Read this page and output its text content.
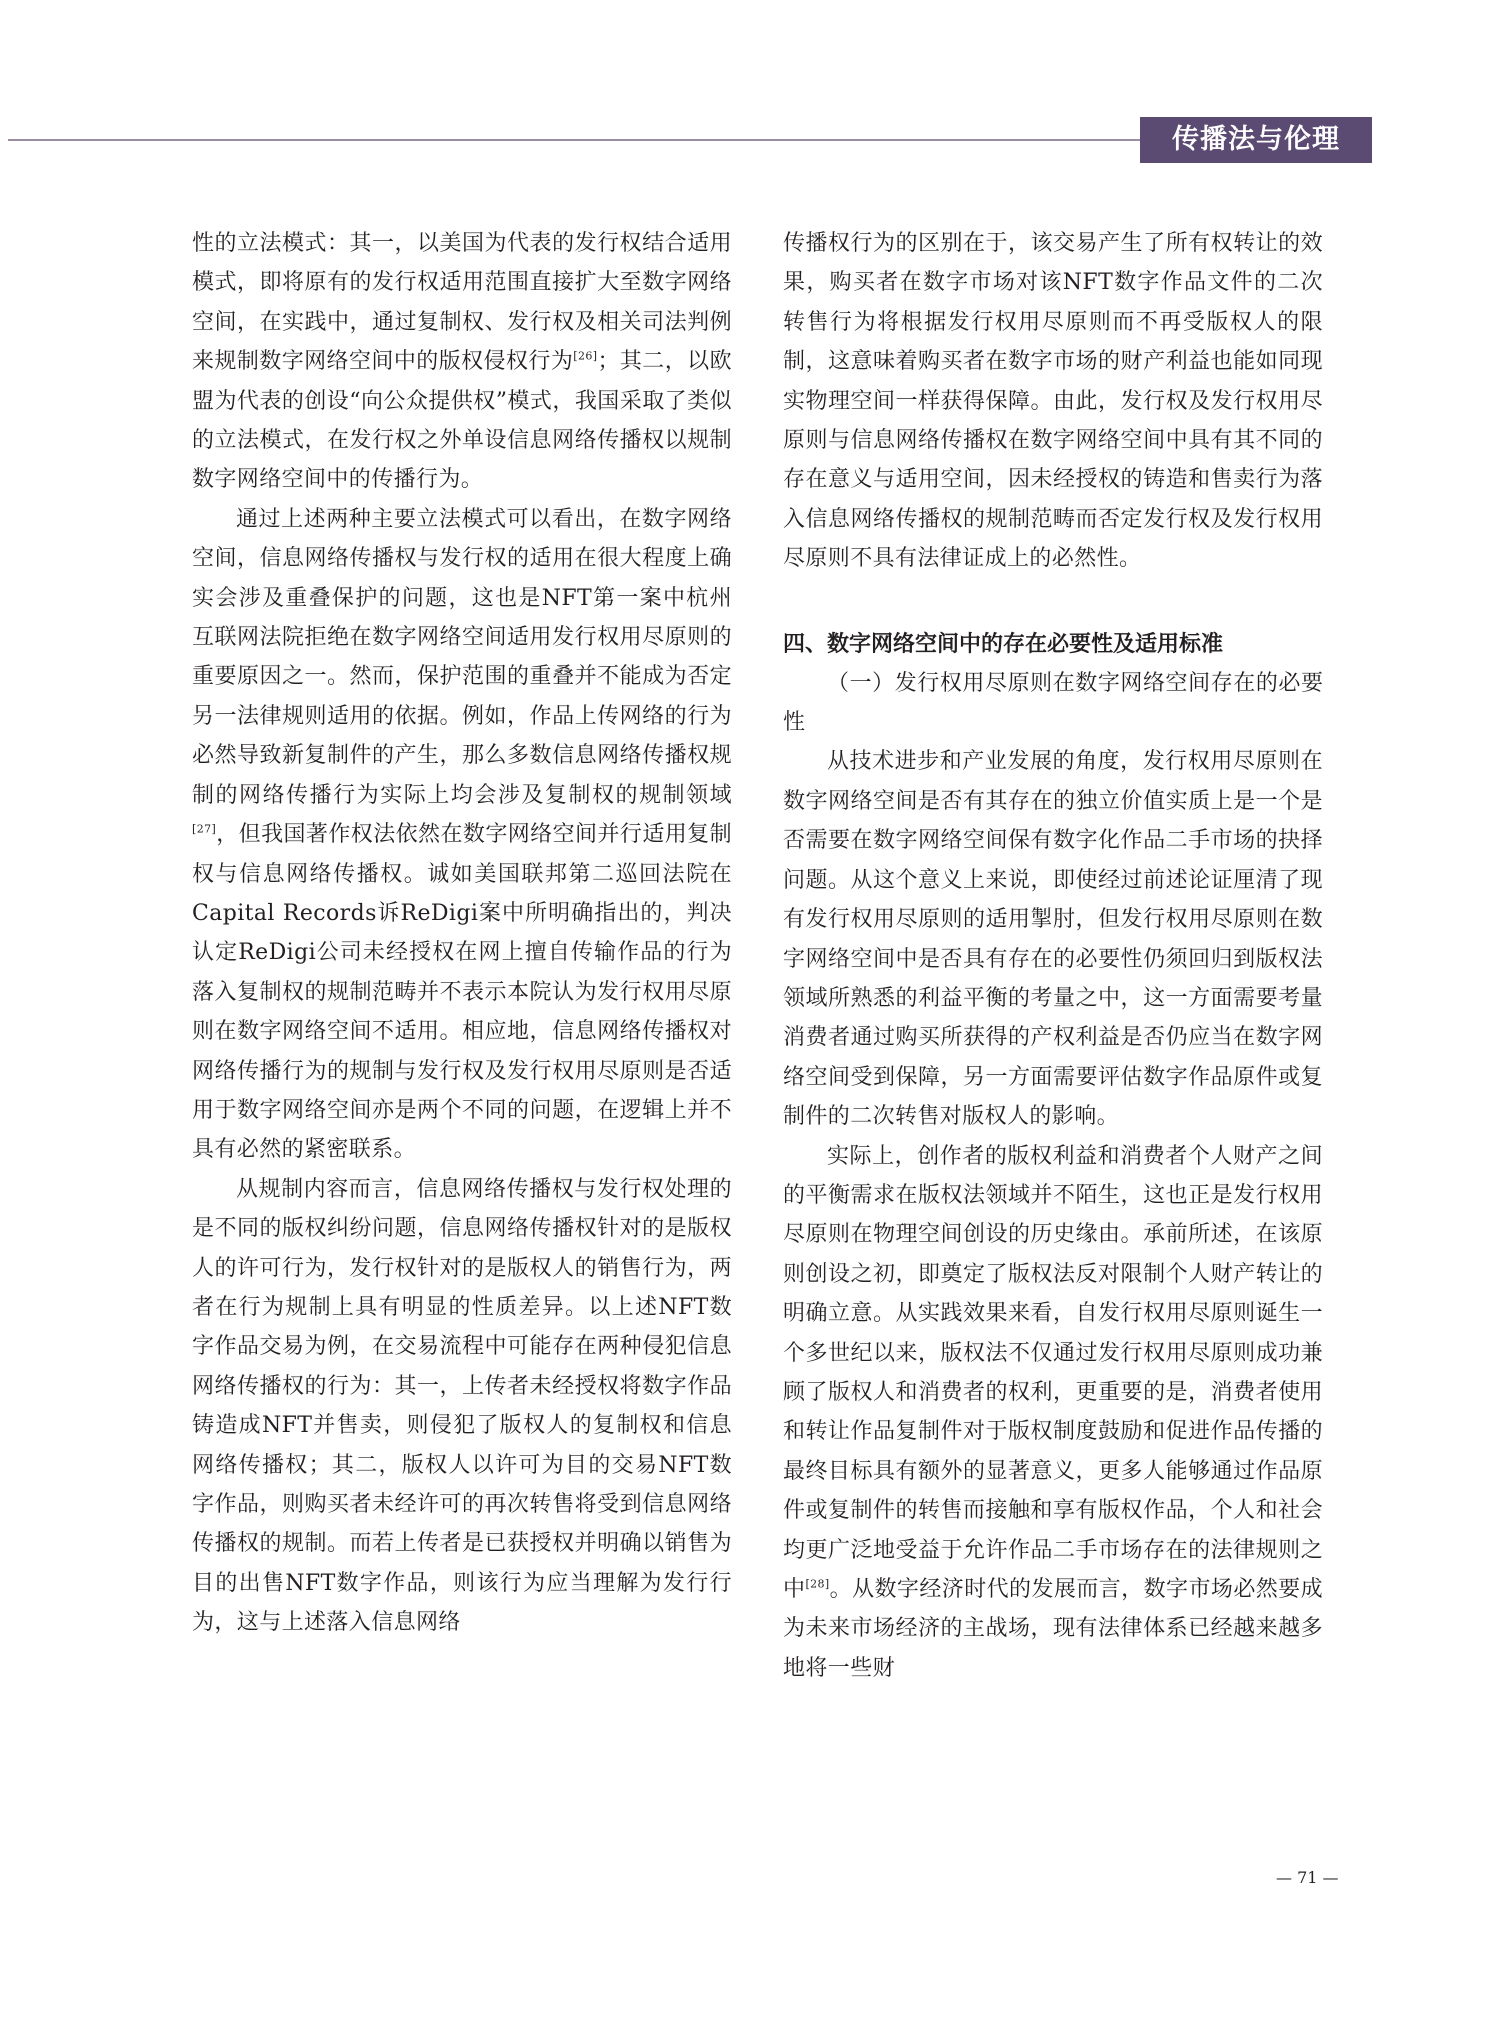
传播法与伦理

性的立法模式：其一，以美国为代表的发行权结合适用模式，即将原有的发行权适用范围直接扩大至数字网络空间，在实践中，通过复制权、发行权及相关司法判例来规制数字网络空间中的版权侵权行为[26]；其二，以欧盟为代表的创设“向公众提供权”模式，我国采取了类似的立法模式，在发行权之外单设信息网络传播权以规制数字网络空间中的传播行为。

通过上述两种主要立法模式可以看出，在数字网络空间，信息网络传播权与发行权的适用在很大程度上确实会涉及重叠保护的问题，这也是NFT第一案中杭州互联网法院拒绝在数字网络空间适用发行权用尽原则的重要原因之一。然而，保护范围的重叠并不能成为否定另一法律规则适用的依据。例如，作品上传网络的行为必然导致新复制件的产生，那么多数信息网络传播权规制的网络传播行为实际上均会涉及复制权的规制领域[27]，但我国著作权法依然在数字网络空间并行适用复制权与信息网络传播权。诚如美国联邦第二巡回法院在Capital Records诉ReDigi案中所明确指出的，判决认定ReDigi公司未经授权在网上擅自传输作品的行为落入复制权的规制范畴并不表示本院认为发行权用尽原则在数字网络空间不适用。相应地，信息网络传播权对网络传播行为的规制与发行权及发行权用尽原则是否适用于数字网络空间亦是两个不同的问题，在逻辑上并不具有必然的紧密联系。

从规制内容而言，信息网络传播权与发行权处理的是不同的版权纠纷问题，信息网络传播权针对的是版权人的许可行为，发行权针对的是版权人的销售行为，两者在行为规制上具有明显的性质差异。以上述NFT数字作品交易为例，在交易流程中可能存在两种侵犯信息网络传播权的行为：其一，上传者未经授权将数字作品铸造成NFT并售卖，则侵犯了版权人的复制权和信息网络传播权；其二，版权人以许可为目的交易NFT数字作品，则购买者未经许可的再次转售将受到信息网络传播权的规制。而若上传者是已获授权并明确以销售为目的出售NFT数字作品，则该行为应当理解为发行行为，这与上述落入信息网络

传播权行为的区别在于，该交易产生了所有权转让的效果，购买者在数字市场对该NFT数字作品文件的二次转售行为将根据发行权用尽原则而不再受版权人的限制，这意味着购买者在数字市场的财产利益也能如同现实物理空间一样获得保障。由此，发行权及发行权用尽原则与信息网络传播权在数字网络空间中具有其不同的存在意义与适用空间，因未经授权的铸造和售卖行为落入信息网络传播权的规制范畴而否定发行权及发行权用尽原则不具有法律证成上的必然性。

四、数字网络空间中的存在必要性及适用标准

（一）发行权用尽原则在数字网络空间存在的必要性

从技术进步和产业发展的角度，发行权用尽原则在数字网络空间是否有其存在的独立价值实质上是一个是否需要在数字网络空间保有数字化作品二手市场的抉择问题。从这个意义上来说，即使经过前述论证厘清了现有发行权用尽原则的适用掣肘，但发行权用尽原则在数字网络空间中是否具有存在的必要性仍须回归到版权法领域所熟悉的利益平衡的考量之中，这一方面需要考量消费者通过购买所获得的产权利益是否仍应当在数字网络空间受到保障，另一方面需要评估数字作品原件或复制件的二次转售对版权人的影响。

实际上，创作者的版权利益和消费者个人财产之间的平衡需求在版权法领域并不陌生，这也正是发行权用尽原则在物理空间创设的历史缘由。承前所述，在该原则创设之初，即奠定了版权法反对限制个人财产转让的明确立意。从实践效果来看，自发行权用尽原则诞生一个多世纪以来，版权法不仅通过发行权用尽原则成功兼顾了版权人和消费者的权利，更重要的是，消费者使用和转让作品复制件对于版权制度鼓励和促进作品传播的最终目标具有额外的显著意义，更多人能够通过作品原件或复制件的转售而接触和享有版权作品，个人和社会均更广泛地受益于允许作品二手市场存在的法律规则之中[28]。从数字经济时代的发展而言，数字市场必然要成为未来市场经济的主战场，现有法律体系已经越来越多地将一些财

— 71 —
